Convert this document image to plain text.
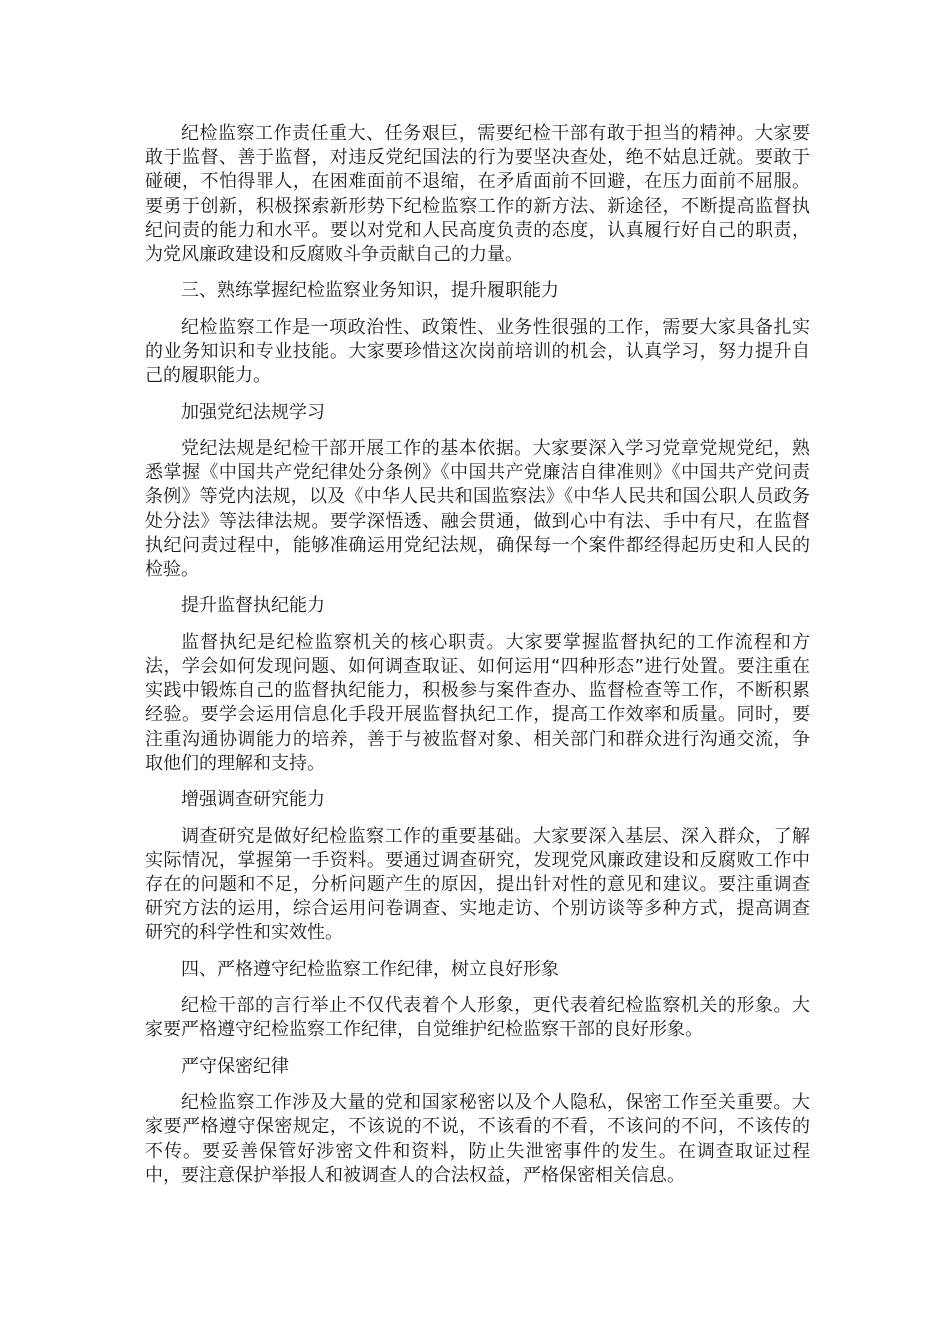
纪检监察工作责任重大、任务艰巨，需要纪检干部有敢于担当的精神。大家要敢于监督、善于监督，对违反党纪国法的行为要坚决查处，绝不姑息迁就。要敢于碰硬，不怕得罪人，在困难面前不退缩，在矛盾面前不回避，在压力面前不屈服。要勇于创新，积极探索新形势下纪检监察工作的新方法、新途径，不断提高监督执纪问责的能力和水平。要以对党和人民高度负责的态度，认真履行好自己的职责，为党风廉政建设和反腐败斗争贡献自己的力量。

三、熟练掌握纪检监察业务知识，提升履职能力

纪检监察工作是一项政治性、政策性、业务性很强的工作，需要大家具备扎实的业务知识和专业技能。大家要珍惜这次岗前培训的机会，认真学习，努力提升自己的履职能力。

加强党纪法规学习

党纪法规是纪检干部开展工作的基本依据。大家要深入学习党章党规党纪，熟悉掌握《中国共产党纪律处分条例》《中国共产党廉洁自律准则》《中国共产党问责条例》等党内法规，以及《中华人民共和国监察法》《中华人民共和国公职人员政务处分法》等法律法规。要学深悟透、融会贯通，做到心中有法、手中有尺，在监督执纪问责过程中，能够准确运用党纪法规，确保每一个案件都经得起历史和人民的检验。

提升监督执纪能力

监督执纪是纪检监察机关的核心职责。大家要掌握监督执纪的工作流程和方法，学会如何发现问题、如何调查取证、如何运用“四种形态”进行处置。要注重在实践中锻炼自己的监督执纪能力，积极参与案件查办、监督检查等工作，不断积累经验。要学会运用信息化手段开展监督执纪工作，提高工作效率和质量。同时，要注重沟通协调能力的培养，善于与被监督对象、相关部门和群众进行沟通交流，争取他们的理解和支持。

增强调查研究能力

调查研究是做好纪检监察工作的重要基础。大家要深入基层、深入群众，了解实际情况，掌握第一手资料。要通过调查研究，发现党风廉政建设和反腐败工作中存在的问题和不足，分析问题产生的原因，提出针对性的意见和建议。要注重调查研究方法的运用，综合运用问卷调查、实地走访、个别访谈等多种方式，提高调查研究的科学性和实效性。

四、严格遵守纪检监察工作纪律，树立良好形象

纪检干部的言行举止不仅代表着个人形象，更代表着纪检监察机关的形象。大家要严格遵守纪检监察工作纪律，自觉维护纪检监察干部的良好形象。

严守保密纪律

纪检监察工作涉及大量的党和国家秘密以及个人隐私，保密工作至关重要。大家要严格遵守保密规定，不该说的不说，不该看的不看，不该问的不问，不该传的不传。要妥善保管好涉密文件和资料，防止失泄密事件的发生。在调查取证过程中，要注意保护举报人和被调查人的合法权益，严格保密相关信息。
